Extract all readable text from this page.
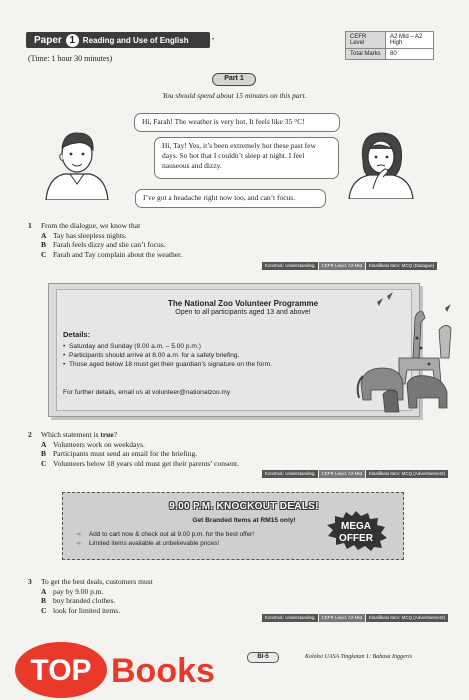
Paper 1 Reading and Use of English	•
(Time: 1 hour 30 minutes)
CEFR Level	A2 Mid – A2 High
Total Marks	80
Part 1
You should spend about 15 minutes on this part.
Hi, Farah! The weather is very hot. It feels like 35 °C!
Hi, Tay! Yes, it’s been extremely hot these past few days. So hot that I couldn’t sleep at night. I feel nauseous and dizzy.
I’ve got a headache right now too, and can’t focus.
1 From the dialogue, we know that
A Tay has sleepless nights.
B Farah feels dizzy and she can’t focus.
C Farah and Tay complain about the weather.
Konstruk: Understanding	CEFR Level: A2 Mid	Klasifikasi Item: MCQ (Dialogue)
The National Zoo Volunteer Programme
Open to all participants aged 13 and above!
Details:
• Saturday and Sunday (9.00 a.m. – 5.00 p.m.)
• Participants should arrive at 8.00 a.m. for a safety briefing.
• Those aged below 18 must get their guardian’s signature on the form.
For further details, email us at volunteer@nationalzoo.my
2 Which statement is true?
A Volunteers work on weekdays.
B Participants must send an email for the briefing.
C Volunteers below 18 years old must get their parents’ consent.
Konstruk: Understanding	CEFR Level: A2 Mid	Klasifikasi Item: MCQ (Advertisement)
9.00 P.M. KNOCKOUT DEALS!
Get Branded Items at RM15 only!
➪ Add to cart now & check out at 9.00 p.m. for the best offer!
➪ Limited items available at unbelievable prices!
MEGA
OFFER
3 To get the best deals, customers must
A pay by 9.00 p.m.
B buy branded clothes.
C look for limited items.
Konstruk: Understanding	CEFR Level: A2 Mid	Klasifikasi Item: MCQ (Advertisement)
TOP Books	BI-5	Koleksi UASA Tingkatan 1: Bahasa Inggeris
